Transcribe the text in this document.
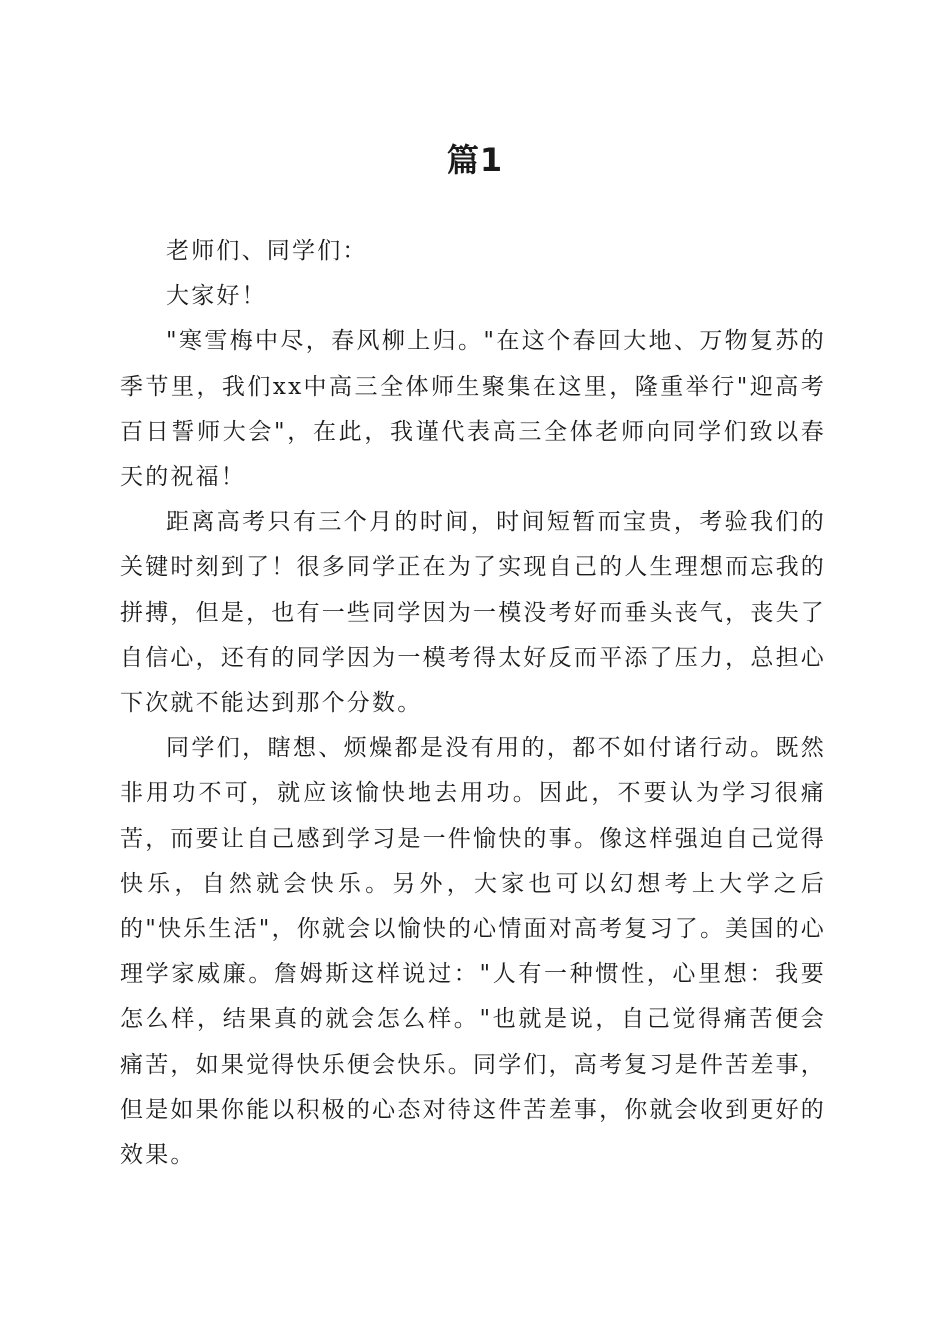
篇1

老师们、同学们：

大家好！

"寒雪梅中尽，春风柳上归。"在这个春回大地、万物复苏的季节里，我们xx中高三全体师生聚集在这里，隆重举行"迎高考百日誓师大会"，在此，我谨代表高三全体老师向同学们致以春天的祝福！

距离高考只有三个月的时间，时间短暂而宝贵，考验我们的关键时刻到了！很多同学正在为了实现自己的人生理想而忘我的拼搏，但是，也有一些同学因为一模没考好而垂头丧气，丧失了自信心，还有的同学因为一模考得太好反而平添了压力，总担心下次就不能达到那个分数。

同学们，瞎想、烦燥都是没有用的，都不如付诸行动。既然非用功不可，就应该愉快地去用功。因此，不要认为学习很痛苦，而要让自己感到学习是一件愉快的事。像这样强迫自己觉得快乐，自然就会快乐。另外，大家也可以幻想考上大学之后的"快乐生活"，你就会以愉快的心情面对高考复习了。美国的心理学家威廉。詹姆斯这样说过："人有一种惯性，心里想：我要怎么样，结果真的就会怎么样。"也就是说，自己觉得痛苦便会痛苦，如果觉得快乐便会快乐。同学们，高考复习是件苦差事，但是如果你能以积极的心态对待这件苦差事，你就会收到更好的效果。
